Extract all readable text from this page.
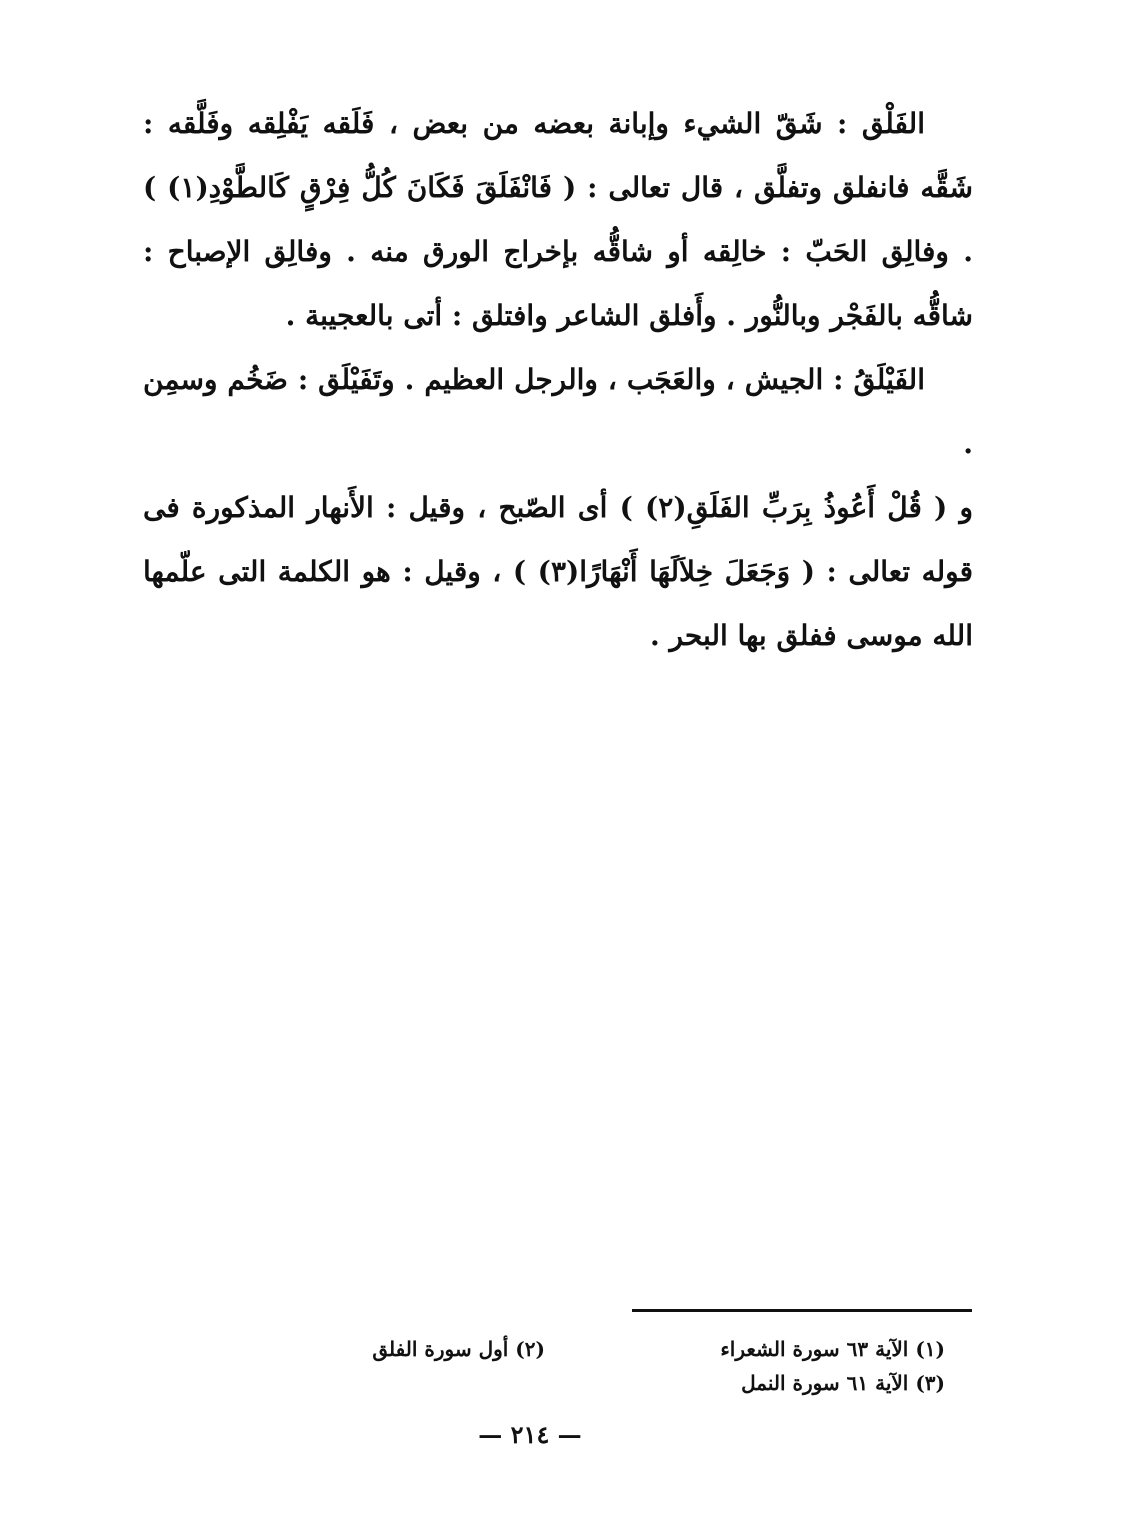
الفَلْق : شَقّ الشيء وإبانة بعضه من بعض ، فَلَقه يَفْلِقه وفَلَّقه : شَقَّه فانفلق وتفلَّق ، قال تعالى : ( فَانْفَلَقَ فَكَانَ كُلُّ فِرْقٍ كَالطَّوْدِ(١) ) . وفالِق الحَبّ : خالِقه أو شاقُّه بإخراج الورق منه . وفالِق الإصباح : شاقُّه بالفَجْر وبالنُّور . وأَفلق الشاعر وافتلق : أتى بالعجيبة .

الفَيْلَقُ : الجيش ، والعَجَب ، والرجل العظيم . وتَفَيْلَق : ضَخُم وسمِن .

و ( قُلْ أَعُوذُ بِرَبِّ الفَلَقِ(٢) ) أى الصّبح ، وقيل : الأَنهار المذكورة فى قوله تعالى : ( وَجَعَلَ خِلاَلَهَا أَنْهَارًا(٣) ) ، وقيل : هو الكلمة التى علّمها الله موسى ففلق بها البحر .

(١) الآية ٦٣ سورة الشعراء
(٢) أول سورة الفلق
(٣) الآية ٦١ سورة النمل
— ٢١٤ —
